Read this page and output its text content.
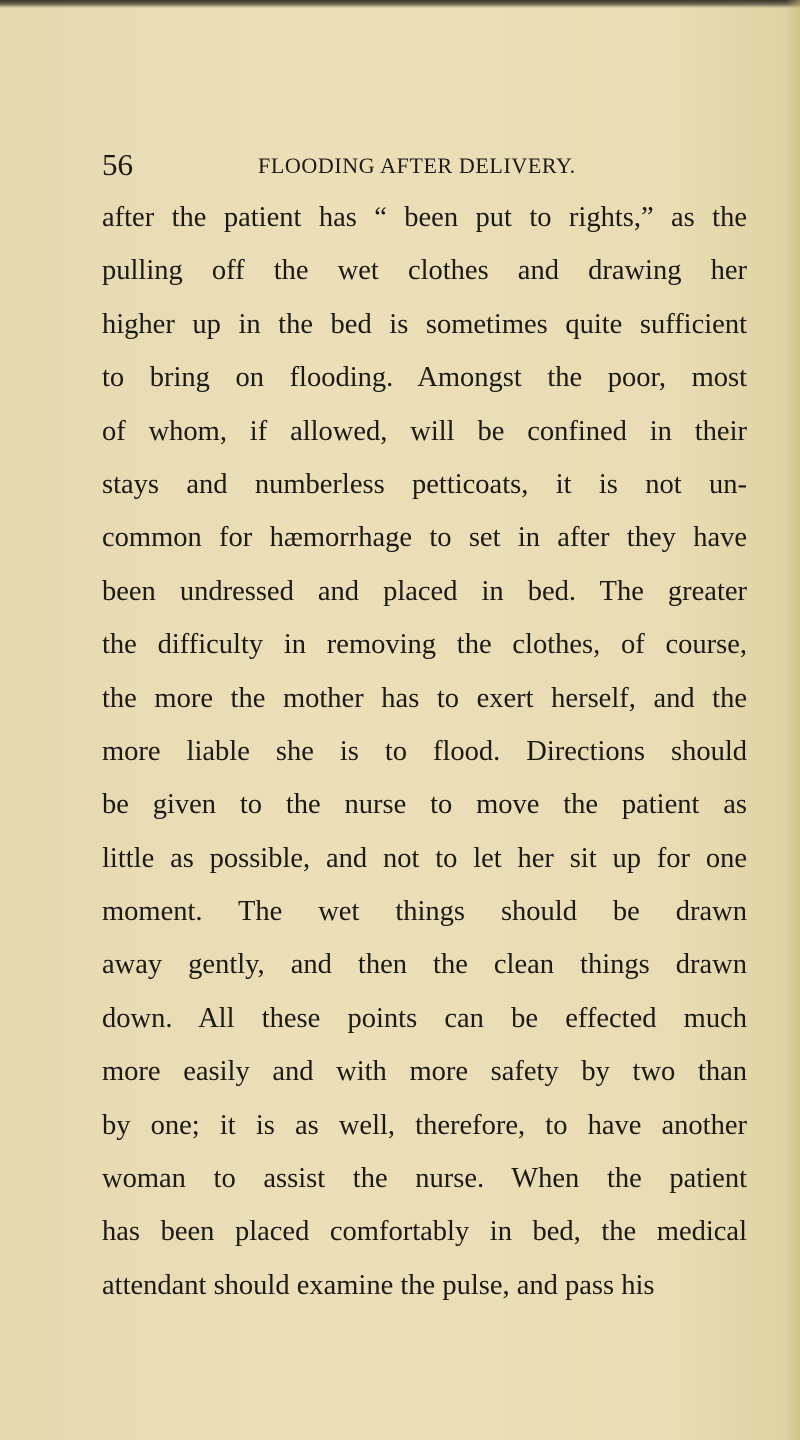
56	FLOODING AFTER DELIVERY.
after the patient has “ been put to rights,” as the
pulling off the wet clothes and drawing her
higher up in the bed is sometimes quite sufficient
to bring on flooding. Amongst the poor, most
of whom, if allowed, will be confined in their
stays and numberless petticoats, it is not un-
common for hæmorrhage to set in after they have
been undressed and placed in bed. The greater
the difficulty in removing the clothes, of course,
the more the mother has to exert herself, and the
more liable she is to flood. Directions should
be given to the nurse to move the patient as
little as possible, and not to let her sit up for one
moment. The wet things should be drawn
away gently, and then the clean things drawn
down. All these points can be effected much
more easily and with more safety by two than
by one; it is as well, therefore, to have another
woman to assist the nurse. When the patient
has been placed comfortably in bed, the medical
attendant should examine the pulse, and pass his
